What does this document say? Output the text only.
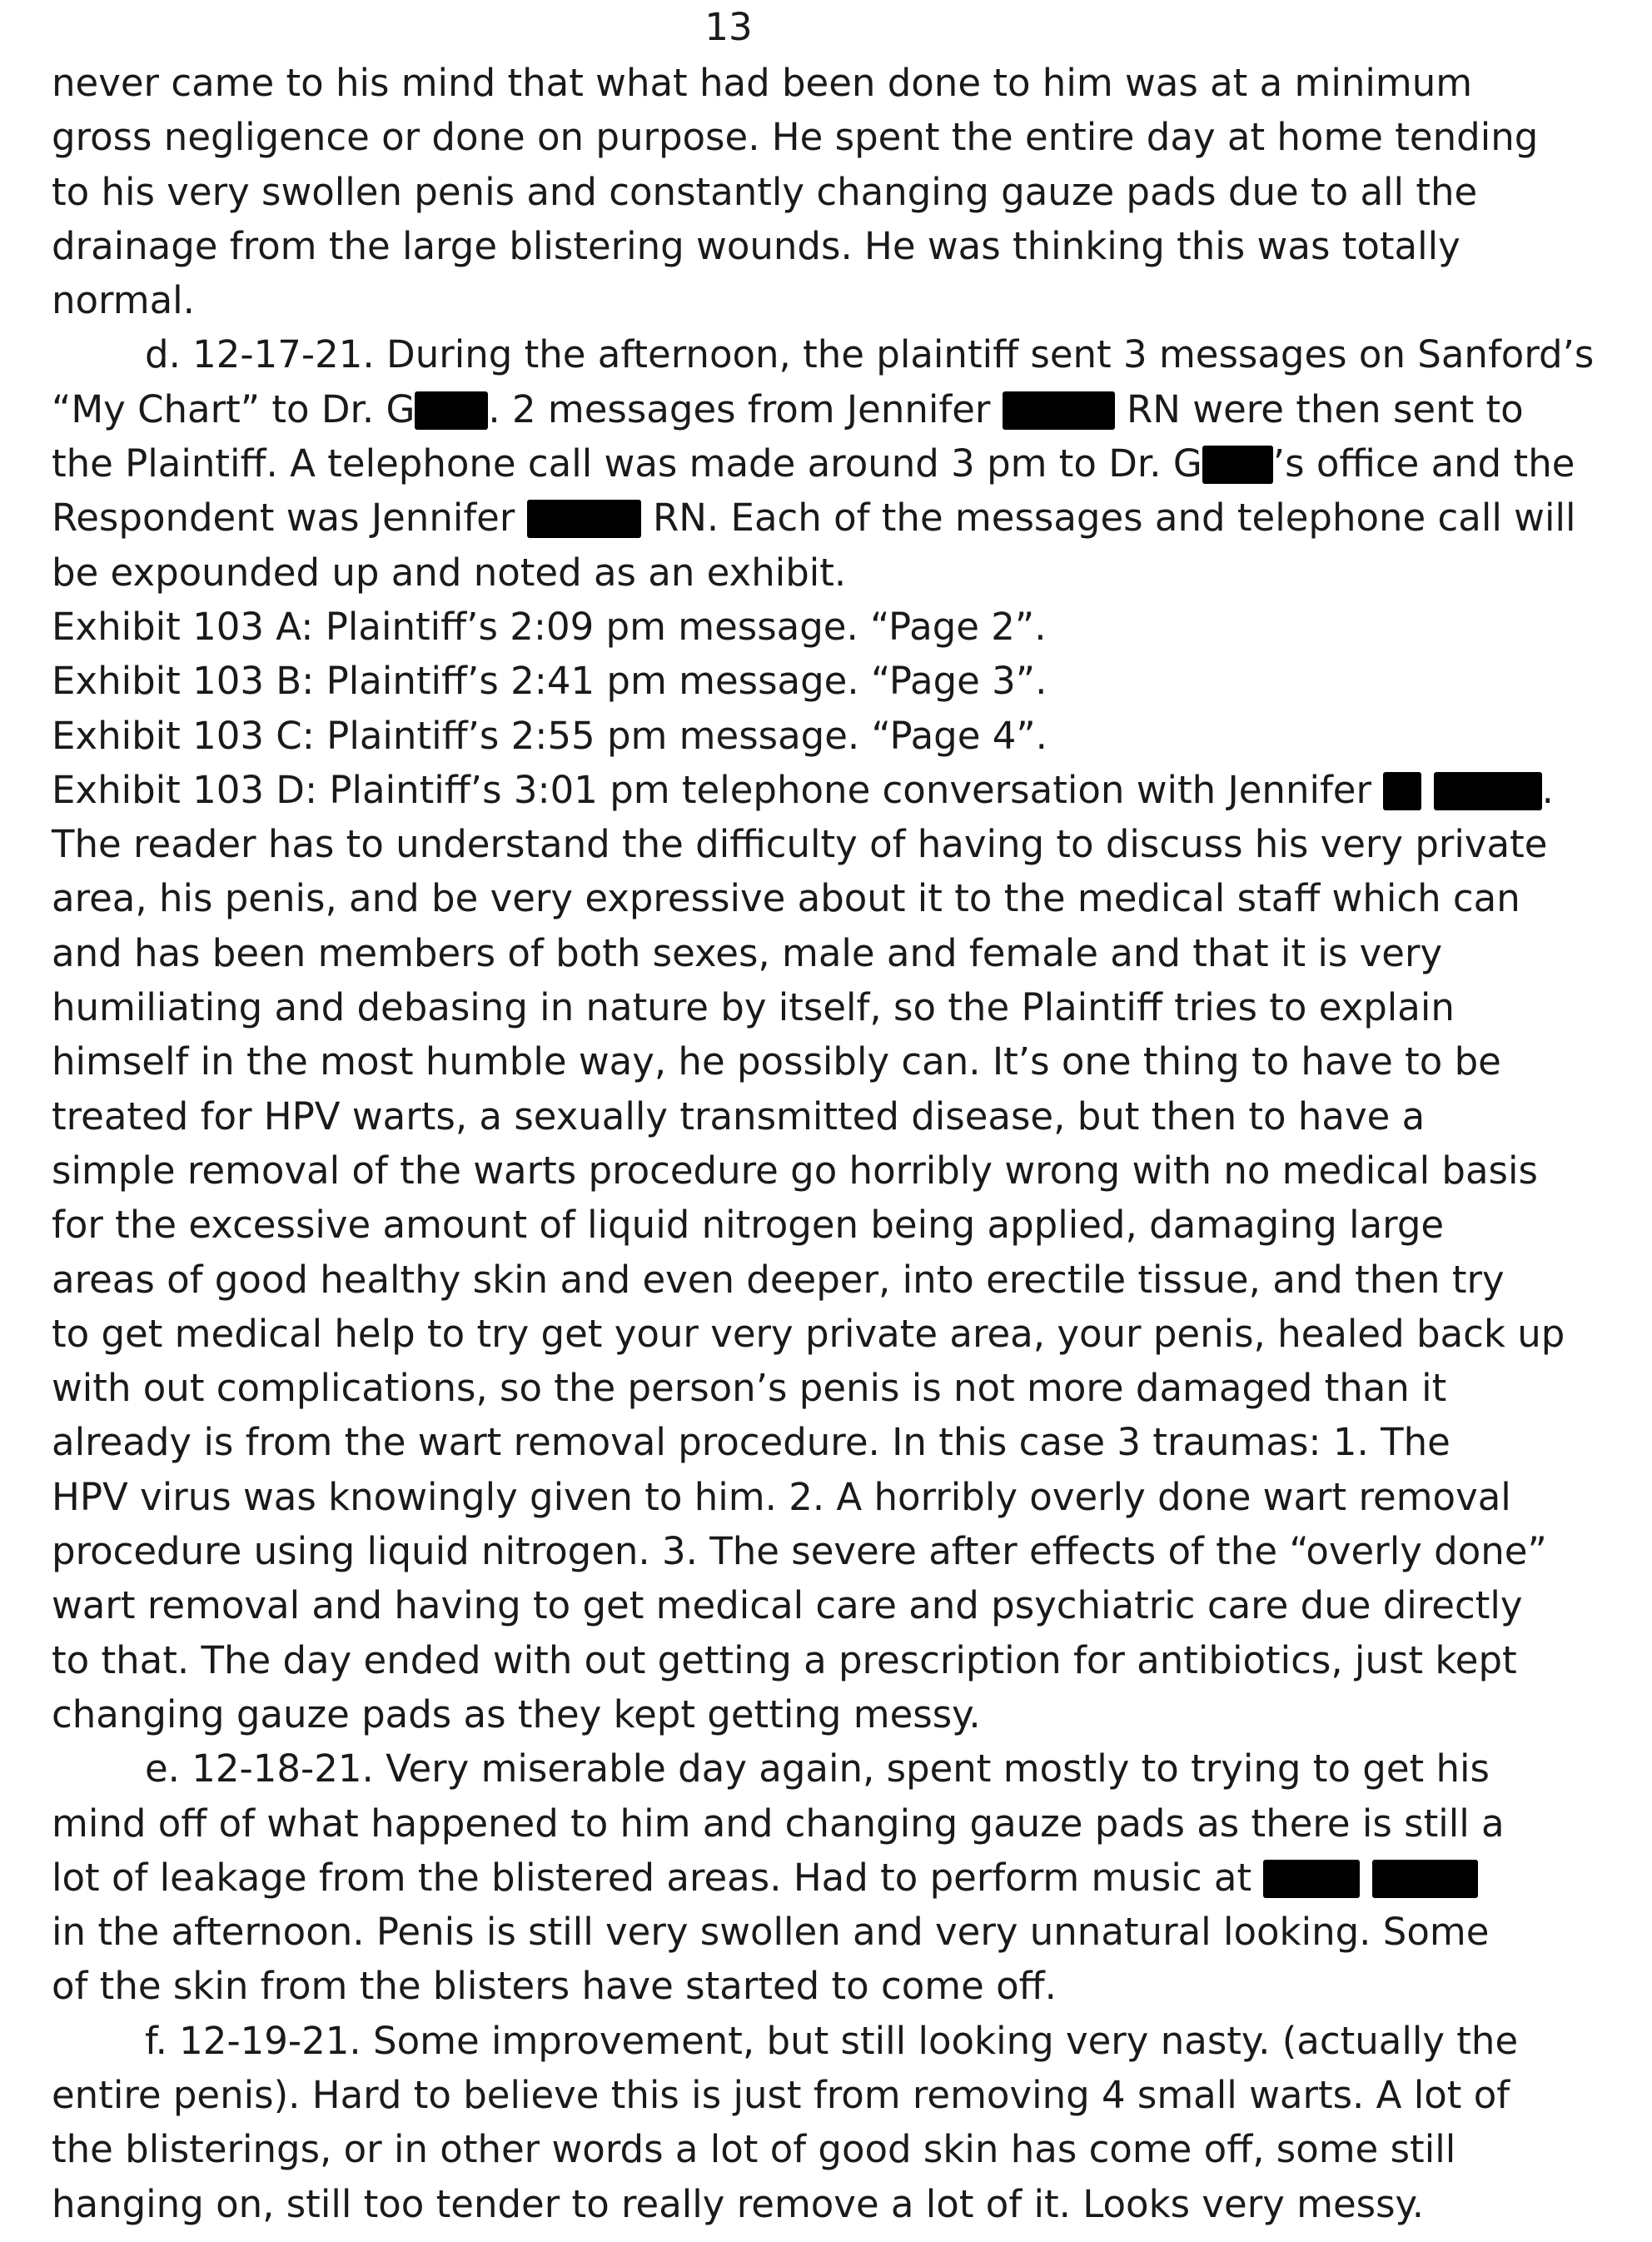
13
never came to his mind that what had been done to him was at a minimum
gross negligence or done on purpose. He spent the entire day at home tending
to his very swollen penis and constantly changing gauze pads due to all the
drainage from the large blistering wounds. He was thinking this was totally
normal.
d. 12-17-21. During the afternoon, the plaintiff sent 3 messages on Sanford’s
“My Chart” to Dr. G . 2 messages from Jennifer	RN were then sent to
the Plaintiff. A telephone call was made around 3 pm to Dr. G ’s office and the
Respondent was Jennifer	RN. Each of the messages and telephone call will
be expounded up and noted as an exhibit.
Exhibit 103 A: Plaintiff’s 2:09 pm message. “Page 2”.
Exhibit 103 B: Plaintiff’s 2:41 pm message. “Page 3”.
Exhibit 103 C: Plaintiff’s 2:55 pm message. “Page 4”.
Exhibit 103 D: Plaintiff’s 3:01 pm telephone conversation with Jennifer	.
The reader has to understand the difficulty of having to discuss his very private
area, his penis, and be very expressive about it to the medical staff which can
and has been members of both sexes, male and female and that it is very
humiliating and debasing in nature by itself, so the Plaintiff tries to explain
himself in the most humble way, he possibly can. It’s one thing to have to be
treated for HPV warts, a sexually transmitted disease, but then to have a
simple removal of the warts procedure go horribly wrong with no medical basis
for the excessive amount of liquid nitrogen being applied, damaging large
areas of good healthy skin and even deeper, into erectile tissue, and then try
to get medical help to try get your very private area, your penis, healed back up
with out complications, so the person’s penis is not more damaged than it
already is from the wart removal procedure. In this case 3 traumas: 1. The
HPV virus was knowingly given to him. 2. A horribly overly done wart removal
procedure using liquid nitrogen. 3. The severe after effects of the “overly done”
wart removal and having to get medical care and psychiatric care due directly
to that. The day ended with out getting a prescription for antibiotics, just kept
changing gauze pads as they kept getting messy.
e. 12-18-21. Very miserable day again, spent mostly to trying to get his
mind off of what happened to him and changing gauze pads as there is still a
lot of leakage from the blistered areas. Had to perform music at
in the afternoon. Penis is still very swollen and very unnatural looking. Some
of the skin from the blisters have started to come off.
f. 12-19-21. Some improvement, but still looking very nasty. (actually the
entire penis). Hard to believe this is just from removing 4 small warts. A lot of
the blisterings, or in other words a lot of good skin has come off, some still
hanging on, still too tender to really remove a lot of it. Looks very messy.
